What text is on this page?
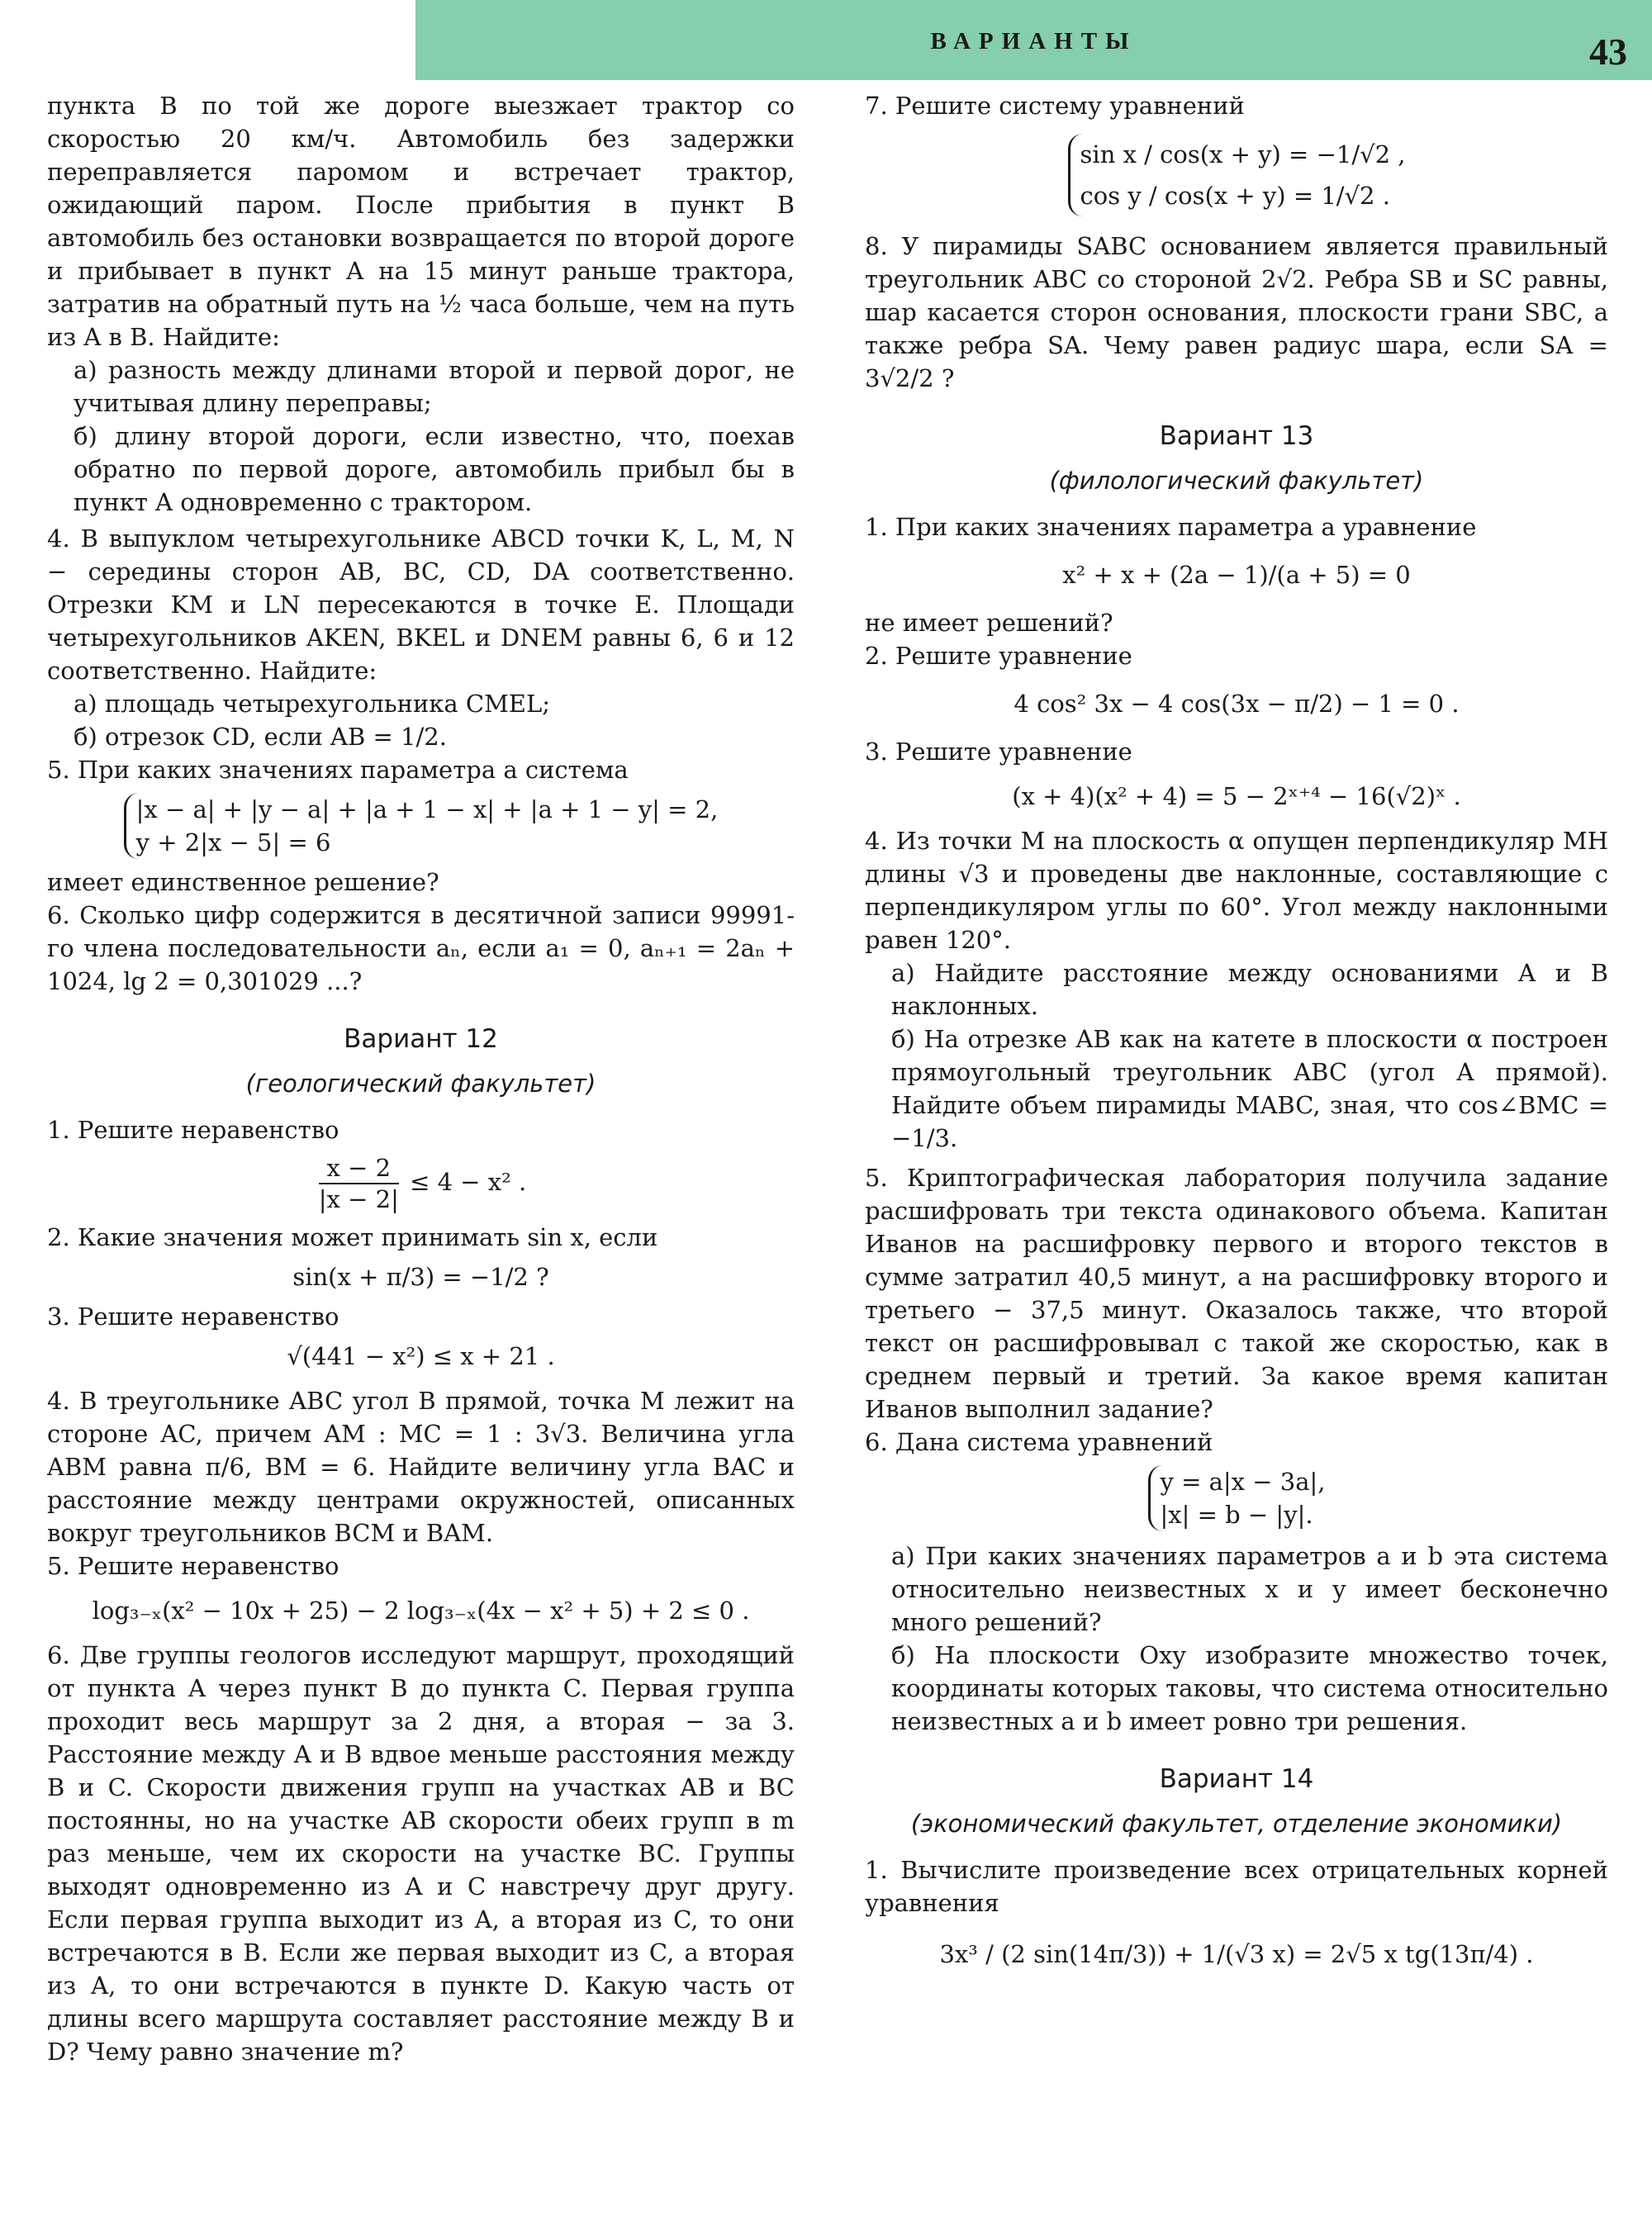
ВАРИАНТЫ	43

пункта B по той же дороге выезжает трактор со скоростью 20 км/ч. Автомобиль без задержки переправляется паромом и встречает трактор, ожидающий паром. После прибытия в пункт B автомобиль без остановки возвращается по второй дороге и прибывает в пункт A на 15 минут раньше трактора, затратив на обратный путь на ½ часа больше, чем на путь из A в B. Найдите:

а) разность между длинами второй и первой дорог, не учитывая длину переправы;

б) длину второй дороги, если известно, что, поехав обратно по первой дороге, автомобиль прибыл бы в пункт A одновременно с трактором.

4. В выпуклом четырехугольнике ABCD точки K, L, M, N − середины сторон AB, BC, CD, DA соответственно. Отрезки KM и LN пересекаются в точке E. Площади четырехугольников AKEN, BKEL и DNEM равны 6, 6 и 12 соответственно. Найдите:

а) площадь четырехугольника CMEL;

б) отрезок CD, если AB = 1/2.

5. При каких значениях параметра a система

|x − a| + |y − a| + |a + 1 − x| + |a + 1 − y| = 2,
y + 2|x − 5| = 6

имеет единственное решение?

6. Сколько цифр содержится в десятичной записи 99991-го члена последовательности aₙ, если a₁ = 0, aₙ₊₁ = 2aₙ + 1024, lg 2 = 0,301029 ...?

Вариант 12
(геологический факультет)

1. Решите неравенство

$\frac{x - 2}{|x - 2|} \le 4 - x^2$ .

2. Какие значения может принимать sin x, если

sin(x + π/3) = −1/2 ?

3. Решите неравенство

√(441 − x²) ≤ x + 21 .

4. В треугольнике ABC угол B прямой, точка M лежит на стороне AC, причем AM : MC = 1 : 3√3. Величина угла ABM равна π/6, BM = 6. Найдите величину угла BAC и расстояние между центрами окружностей, описанных вокруг треугольников BCM и BAM.

5. Решите неравенство

log₃₋ₓ(x² − 10x + 25) − 2 log₃₋ₓ(4x − x² + 5) + 2 ≤ 0 .

6. Две группы геологов исследуют маршрут, проходящий от пункта A через пункт B до пункта C. Первая группа проходит весь маршрут за 2 дня, а вторая − за 3. Расстояние между A и B вдвое меньше расстояния между B и C. Скорости движения групп на участках AB и BC постоянны, но на участке AB скорости обеих групп в m раз меньше, чем их скорости на участке BC. Группы выходят одновременно из A и C навстречу друг другу. Если первая группа выходит из A, а вторая из C, то они встречаются в B. Если же первая выходит из C, а вторая из A, то они встречаются в пункте D. Какую часть от длины всего маршрута составляет расстояние между B и D? Чему равно значение m?

7. Решите систему уравнений

sin x / cos(x + y) = −1/√2 ,
cos y / cos(x + y) = 1/√2 .

8. У пирамиды SABC основанием является правильный треугольник ABC со стороной 2√2. Ребра SB и SC равны, шар касается сторон основания, плоскости грани SBC, а также ребра SA. Чему равен радиус шара, если SA = 3√2/2 ?

Вариант 13
(филологический факультет)

1. При каких значениях параметра a уравнение

x² + x + (2a − 1)/(a + 5) = 0

не имеет решений?

2. Решите уравнение

4 cos² 3x − 4 cos(3x − π/2) − 1 = 0 .

3. Решите уравнение

(x + 4)(x² + 4) = 5 − 2ˣ⁺⁴ − 16(√2)ˣ .

4. Из точки M на плоскость α опущен перпендикуляр MH длины √3 и проведены две наклонные, составляющие с перпендикуляром углы по 60°. Угол между наклонными равен 120°.

а) Найдите расстояние между основаниями A и B наклонных.

б) На отрезке AB как на катете в плоскости α построен прямоугольный треугольник ABC (угол A прямой). Найдите объем пирамиды MABC, зная, что cos∠BMC = −1/3.

5. Криптографическая лаборатория получила задание расшифровать три текста одинакового объема. Капитан Иванов на расшифровку первого и второго текстов в сумме затратил 40,5 минут, а на расшифровку второго и третьего − 37,5 минут. Оказалось также, что второй текст он расшифровывал с такой же скоростью, как в среднем первый и третий. За какое время капитан Иванов выполнил задание?

6. Дана система уравнений

y = a|x − 3a|,
|x| = b − |y|.

а) При каких значениях параметров a и b эта система относительно неизвестных x и y имеет бесконечно много решений?

б) На плоскости Oxy изобразите множество точек, координаты которых таковы, что система относительно неизвестных a и b имеет ровно три решения.

Вариант 14
(экономический факультет, отделение экономики)

1. Вычислите произведение всех отрицательных корней уравнения

3x³ / (2 sin(14π/3)) + 1/(√3 x) = 2√5 x tg(13π/4) .
